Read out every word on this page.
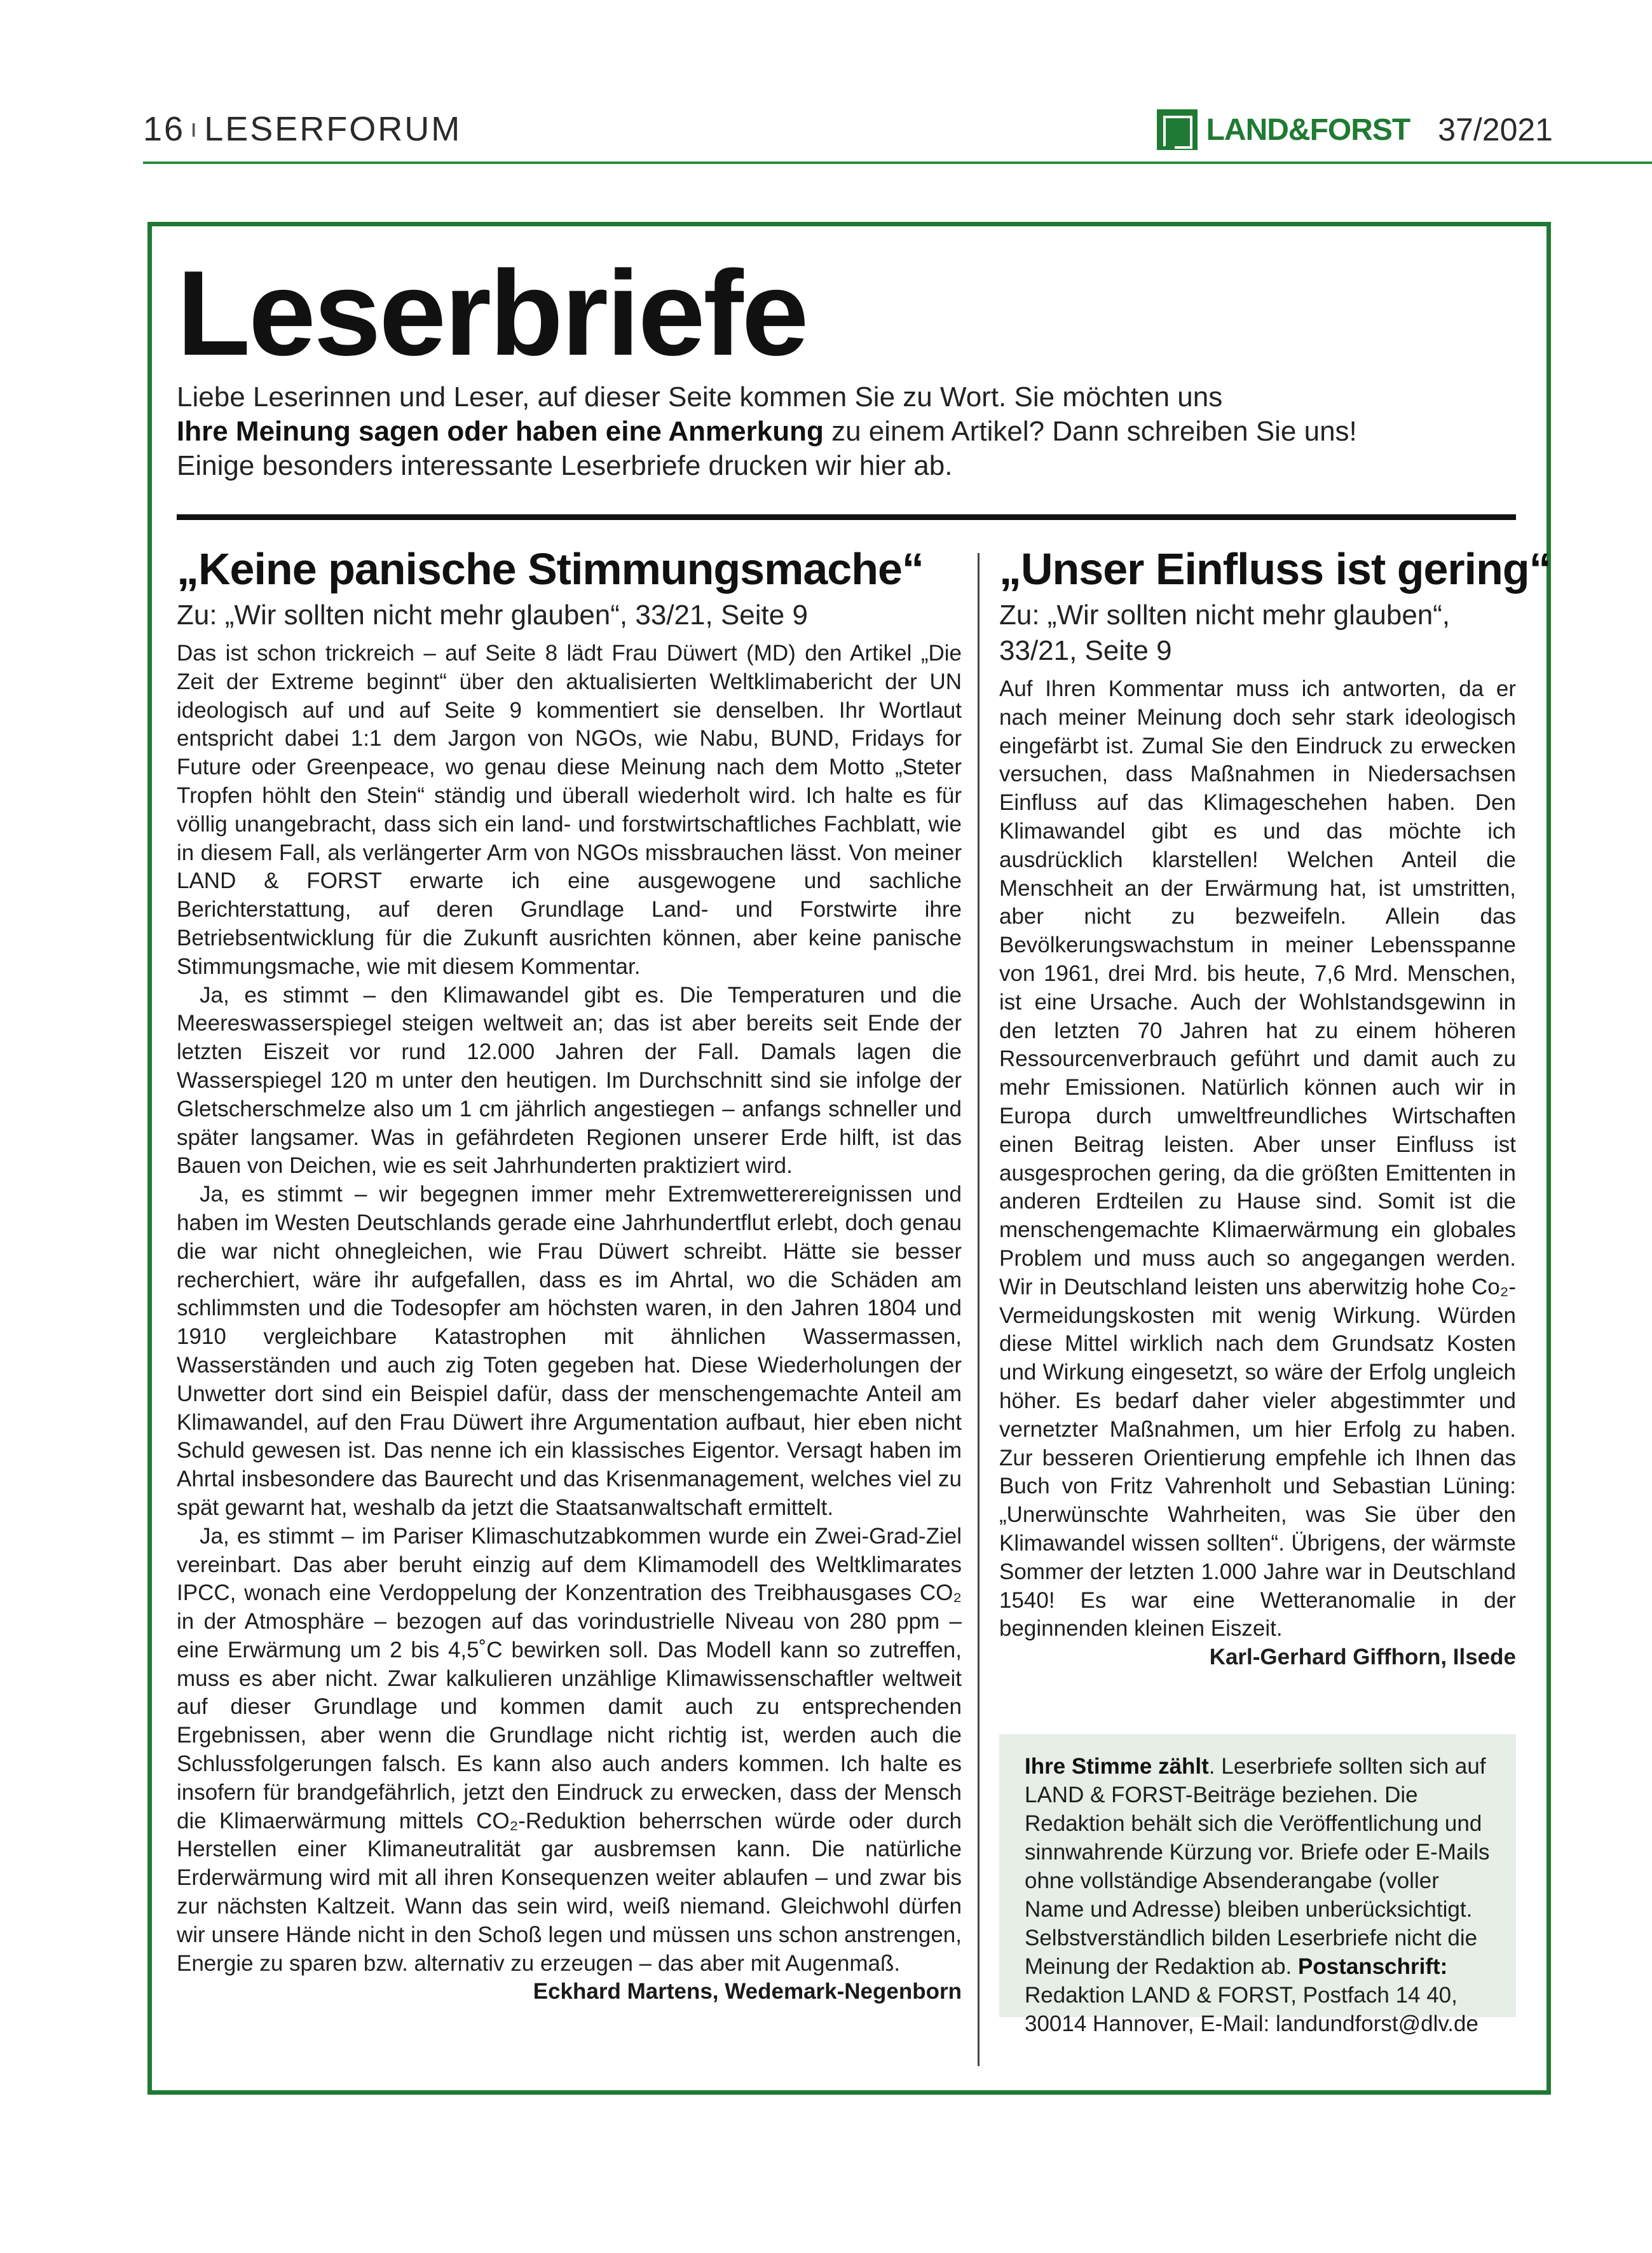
16 ı LESERFORUM	LAND&FORST 37/2021
Leserbriefe
Liebe Leserinnen und Leser, auf dieser Seite kommen Sie zu Wort. Sie möchten uns
Ihre Meinung sagen oder haben eine Anmerkung zu einem Artikel? Dann schreiben Sie uns!
Einige besonders interessante Leserbriefe drucken wir hier ab.
„Keine panische Stimmungsmache“
Zu: „Wir sollten nicht mehr glauben“, 33/21, Seite 9

Das ist schon trickreich – auf Seite 8 lädt Frau Düwert (MD) den Artikel „Die Zeit der Extreme beginnt“ über den aktualisierten Weltklimabericht der UN ideologisch auf und auf Seite 9 kommentiert sie denselben. Ihr Wortlaut entspricht dabei 1:1 dem Jargon von NGOs, wie Nabu, BUND, Fridays for Future oder Greenpeace, wo genau diese Meinung nach dem Motto „Steter Tropfen höhlt den Stein“ ständig und überall wiederholt wird. Ich halte es für völlig unangebracht, dass sich ein land- und forstwirtschaftliches Fachblatt, wie in diesem Fall, als verlängerter Arm von NGOs missbrauchen lässt. Von meiner LAND & FORST erwarte ich eine ausgewogene und sachliche Berichterstattung, auf deren Grundlage Land- und Forstwirte ihre Betriebsentwicklung für die Zukunft ausrichten können, aber keine panische Stimmungsmache, wie mit diesem Kommentar.

Ja, es stimmt – den Klimawandel gibt es. Die Temperaturen und die Meereswasserspiegel steigen weltweit an; das ist aber bereits seit Ende der letzten Eiszeit vor rund 12.000 Jahren der Fall. Damals lagen die Wasserspiegel 120 m unter den heutigen. Im Durchschnitt sind sie infolge der Gletscherschmelze also um 1 cm jährlich angestiegen – anfangs schneller und später langsamer. Was in gefährdeten Regionen unserer Erde hilft, ist das Bauen von Deichen, wie es seit Jahrhunderten praktiziert wird.

Ja, es stimmt – wir begegnen immer mehr Extremwetterereignissen und haben im Westen Deutschlands gerade eine Jahrhundertflut erlebt, doch genau die war nicht ohnegleichen, wie Frau Düwert schreibt. Hätte sie besser recherchiert, wäre ihr aufgefallen, dass es im Ahrtal, wo die Schäden am schlimmsten und die Todesopfer am höchsten waren, in den Jahren 1804 und 1910 vergleichbare Katastrophen mit ähnlichen Wassermassen, Wasserständen und auch zig Toten gegeben hat. Diese Wiederholungen der Unwetter dort sind ein Beispiel dafür, dass der menschengemachte Anteil am Klimawandel, auf den Frau Düwert ihre Argumentation aufbaut, hier eben nicht Schuld gewesen ist. Das nenne ich ein klassisches Eigentor. Versagt haben im Ahrtal insbesondere das Baurecht und das Krisenmanagement, welches viel zu spät gewarnt hat, weshalb da jetzt die Staatsanwaltschaft ermittelt.

Ja, es stimmt – im Pariser Klimaschutzabkommen wurde ein Zwei-Grad-Ziel vereinbart. Das aber beruht einzig auf dem Klimamodell des Weltklimarates IPCC, wonach eine Verdoppelung der Konzentration des Treibhausgases CO₂ in der Atmosphäre – bezogen auf das vorindustrielle Niveau von 280 ppm – eine Erwärmung um 2 bis 4,5˚C bewirken soll. Das Modell kann so zutreffen, muss es aber nicht. Zwar kalkulieren unzählige Klimawissenschaftler weltweit auf dieser Grundlage und kommen damit auch zu entsprechenden Ergebnissen, aber wenn die Grundlage nicht richtig ist, werden auch die Schlussfolgerungen falsch. Es kann also auch anders kommen. Ich halte es insofern für brandgefährlich, jetzt den Eindruck zu erwecken, dass der Mensch die Klimaerwärmung mittels CO₂-Reduktion beherrschen würde oder durch Herstellen einer Klimaneutralität gar ausbremsen kann. Die natürliche Erderwärmung wird mit all ihren Konsequenzen weiter ablaufen – und zwar bis zur nächsten Kaltzeit. Wann das sein wird, weiß niemand. Gleichwohl dürfen wir unsere Hände nicht in den Schoß legen und müssen uns schon anstrengen, Energie zu sparen bzw. alternativ zu erzeugen – das aber mit Augenmaß.

Eckhard Martens, Wedemark-Negenborn
„Unser Einfluss ist gering“
Zu: „Wir sollten nicht mehr glauben“, 33/21, Seite 9

Auf Ihren Kommentar muss ich antworten, da er nach meiner Meinung doch sehr stark ideologisch eingefärbt ist. Zumal Sie den Eindruck zu erwecken versuchen, dass Maßnahmen in Niedersachsen Einfluss auf das Klimageschehen haben. Den Klimawandel gibt es und das möchte ich ausdrücklich klarstellen! Welchen Anteil die Menschheit an der Erwärmung hat, ist umstritten, aber nicht zu bezweifeln. Allein das Bevölkerungswachstum in meiner Lebensspanne von 1961, drei Mrd. bis heute, 7,6 Mrd. Menschen, ist eine Ursache. Auch der Wohlstandsgewinn in den letzten 70 Jahren hat zu einem höheren Ressourcenverbrauch geführt und damit auch zu mehr Emissionen. Natürlich können auch wir in Europa durch umweltfreundliches Wirtschaften einen Beitrag leisten. Aber unser Einfluss ist ausgesprochen gering, da die größten Emittenten in anderen Erdteilen zu Hause sind. Somit ist die menschengemachte Klimaerwärmung ein globales Problem und muss auch so angegangen werden. Wir in Deutschland leisten uns aberwitzig hohe Co₂-Vermeidungskosten mit wenig Wirkung. Würden diese Mittel wirklich nach dem Grundsatz Kosten und Wirkung eingesetzt, so wäre der Erfolg ungleich höher. Es bedarf daher vieler abgestimmter und vernetzter Maßnahmen, um hier Erfolg zu haben. Zur besseren Orientierung empfehle ich Ihnen das Buch von Fritz Vahrenholt und Sebastian Lüning: „Unerwünschte Wahrheiten, was Sie über den Klimawandel wissen sollten“. Übrigens, der wärmste Sommer der letzten 1.000 Jahre war in Deutschland 1540! Es war eine Wetteranomalie in der beginnenden kleinen Eiszeit.
Karl-Gerhard Giffhorn, Ilsede

Ihre Stimme zählt. Leserbriefe sollten sich auf LAND & FORST-Beiträge beziehen. Die Redaktion behält sich die Veröffentlichung und sinnwahrende Kürzung vor. Briefe oder E-Mails ohne vollständige Absenderangabe (voller Name und Adresse) bleiben unberücksichtigt. Selbstverständlich bilden Leserbriefe nicht die Meinung der Redaktion ab. Postanschrift: Redaktion LAND & FORST, Postfach 14 40, 30014 Hannover, E-Mail: landundforst@dlv.de
